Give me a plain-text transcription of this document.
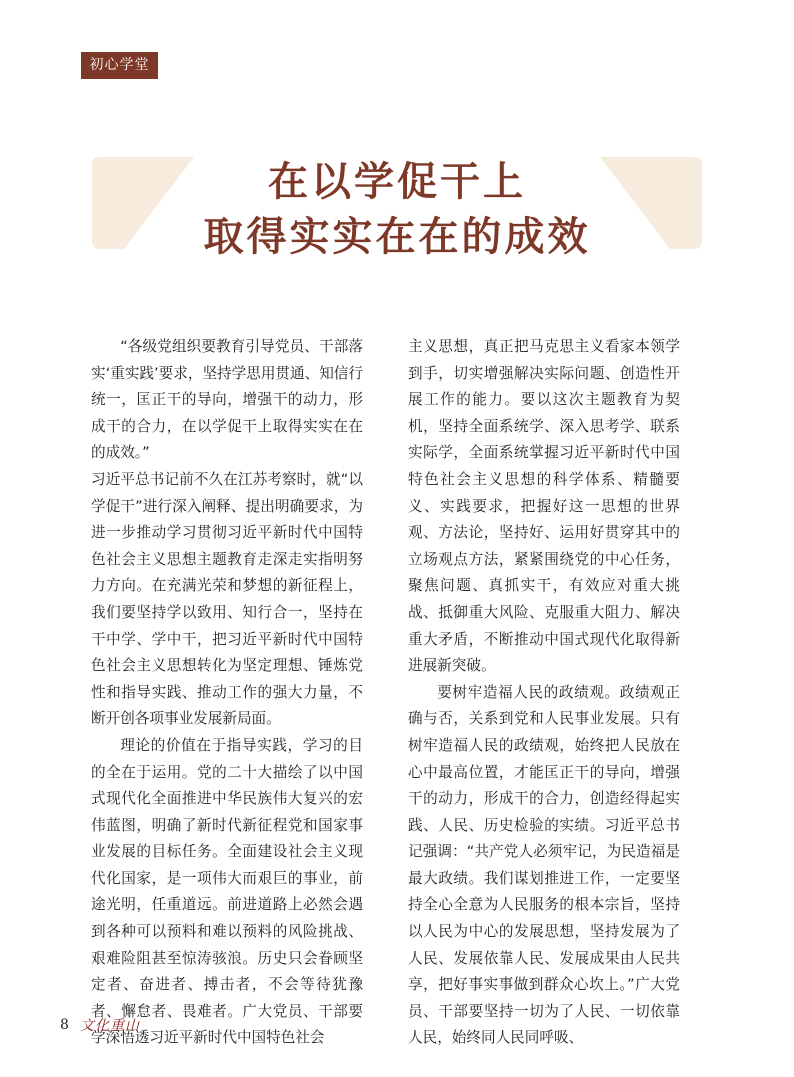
初心学堂
在以学促干上
取得实实在在的成效

“各级党组织要教育引导党员、干部落实‘重实践’要求，坚持学思用贯通、知信行统一，匡正干的导向，增强干的动力，形成干的合力，在以学促干上取得实实在在的成效。”

习近平总书记前不久在江苏考察时，就“以学促干”进行深入阐释、提出明确要求，为进一步推动学习贯彻习近平新时代中国特色社会主义思想主题教育走深走实指明努力方向。在充满光荣和梦想的新征程上，我们要坚持学以致用、知行合一，坚持在干中学、学中干，把习近平新时代中国特色社会主义思想转化为坚定理想、锤炼党性和指导实践、推动工作的强大力量，不断开创各项事业发展新局面。

理论的价值在于指导实践，学习的目的全在于运用。党的二十大描绘了以中国式现代化全面推进中华民族伟大复兴的宏伟蓝图，明确了新时代新征程党和国家事业发展的目标任务。全面建设社会主义现代化国家，是一项伟大而艰巨的事业，前途光明，任重道远。前进道路上必然会遇到各种可以预料和难以预料的风险挑战、艰难险阻甚至惊涛骇浪。历史只会眷顾坚定者、奋进者、搏击者，不会等待犹豫者、懈怠者、畏难者。广大党员、干部要学深悟透习近平新时代中国特色社会

主义思想，真正把马克思主义看家本领学到手，切实增强解决实际问题、创造性开展工作的能力。要以这次主题教育为契机，坚持全面系统学、深入思考学、联系实际学，全面系统掌握习近平新时代中国特色社会主义思想的科学体系、精髓要义、实践要求，把握好这一思想的世界观、方法论，坚持好、运用好贯穿其中的立场观点方法，紧紧围绕党的中心任务，聚焦问题、真抓实干，有效应对重大挑战、抵御重大风险、克服重大阻力、解决重大矛盾，不断推动中国式现代化取得新进展新突破。

要树牢造福人民的政绩观。政绩观正确与否，关系到党和人民事业发展。只有树牢造福人民的政绩观，始终把人民放在心中最高位置，才能匡正干的导向，增强干的动力，形成干的合力，创造经得起实践、人民、历史检验的实绩。习近平总书记强调：“共产党人必须牢记，为民造福是最大政绩。我们谋划推进工作，一定要坚持全心全意为人民服务的根本宗旨，坚持以人民为中心的发展思想，坚持发展为了人民、发展依靠人民、发展成果由人民共享，把好事实事做到群众心坎上。”广大党员、干部要坚持一切为了人民、一切依靠人民，始终同人民同呼吸、

8 文化重山
